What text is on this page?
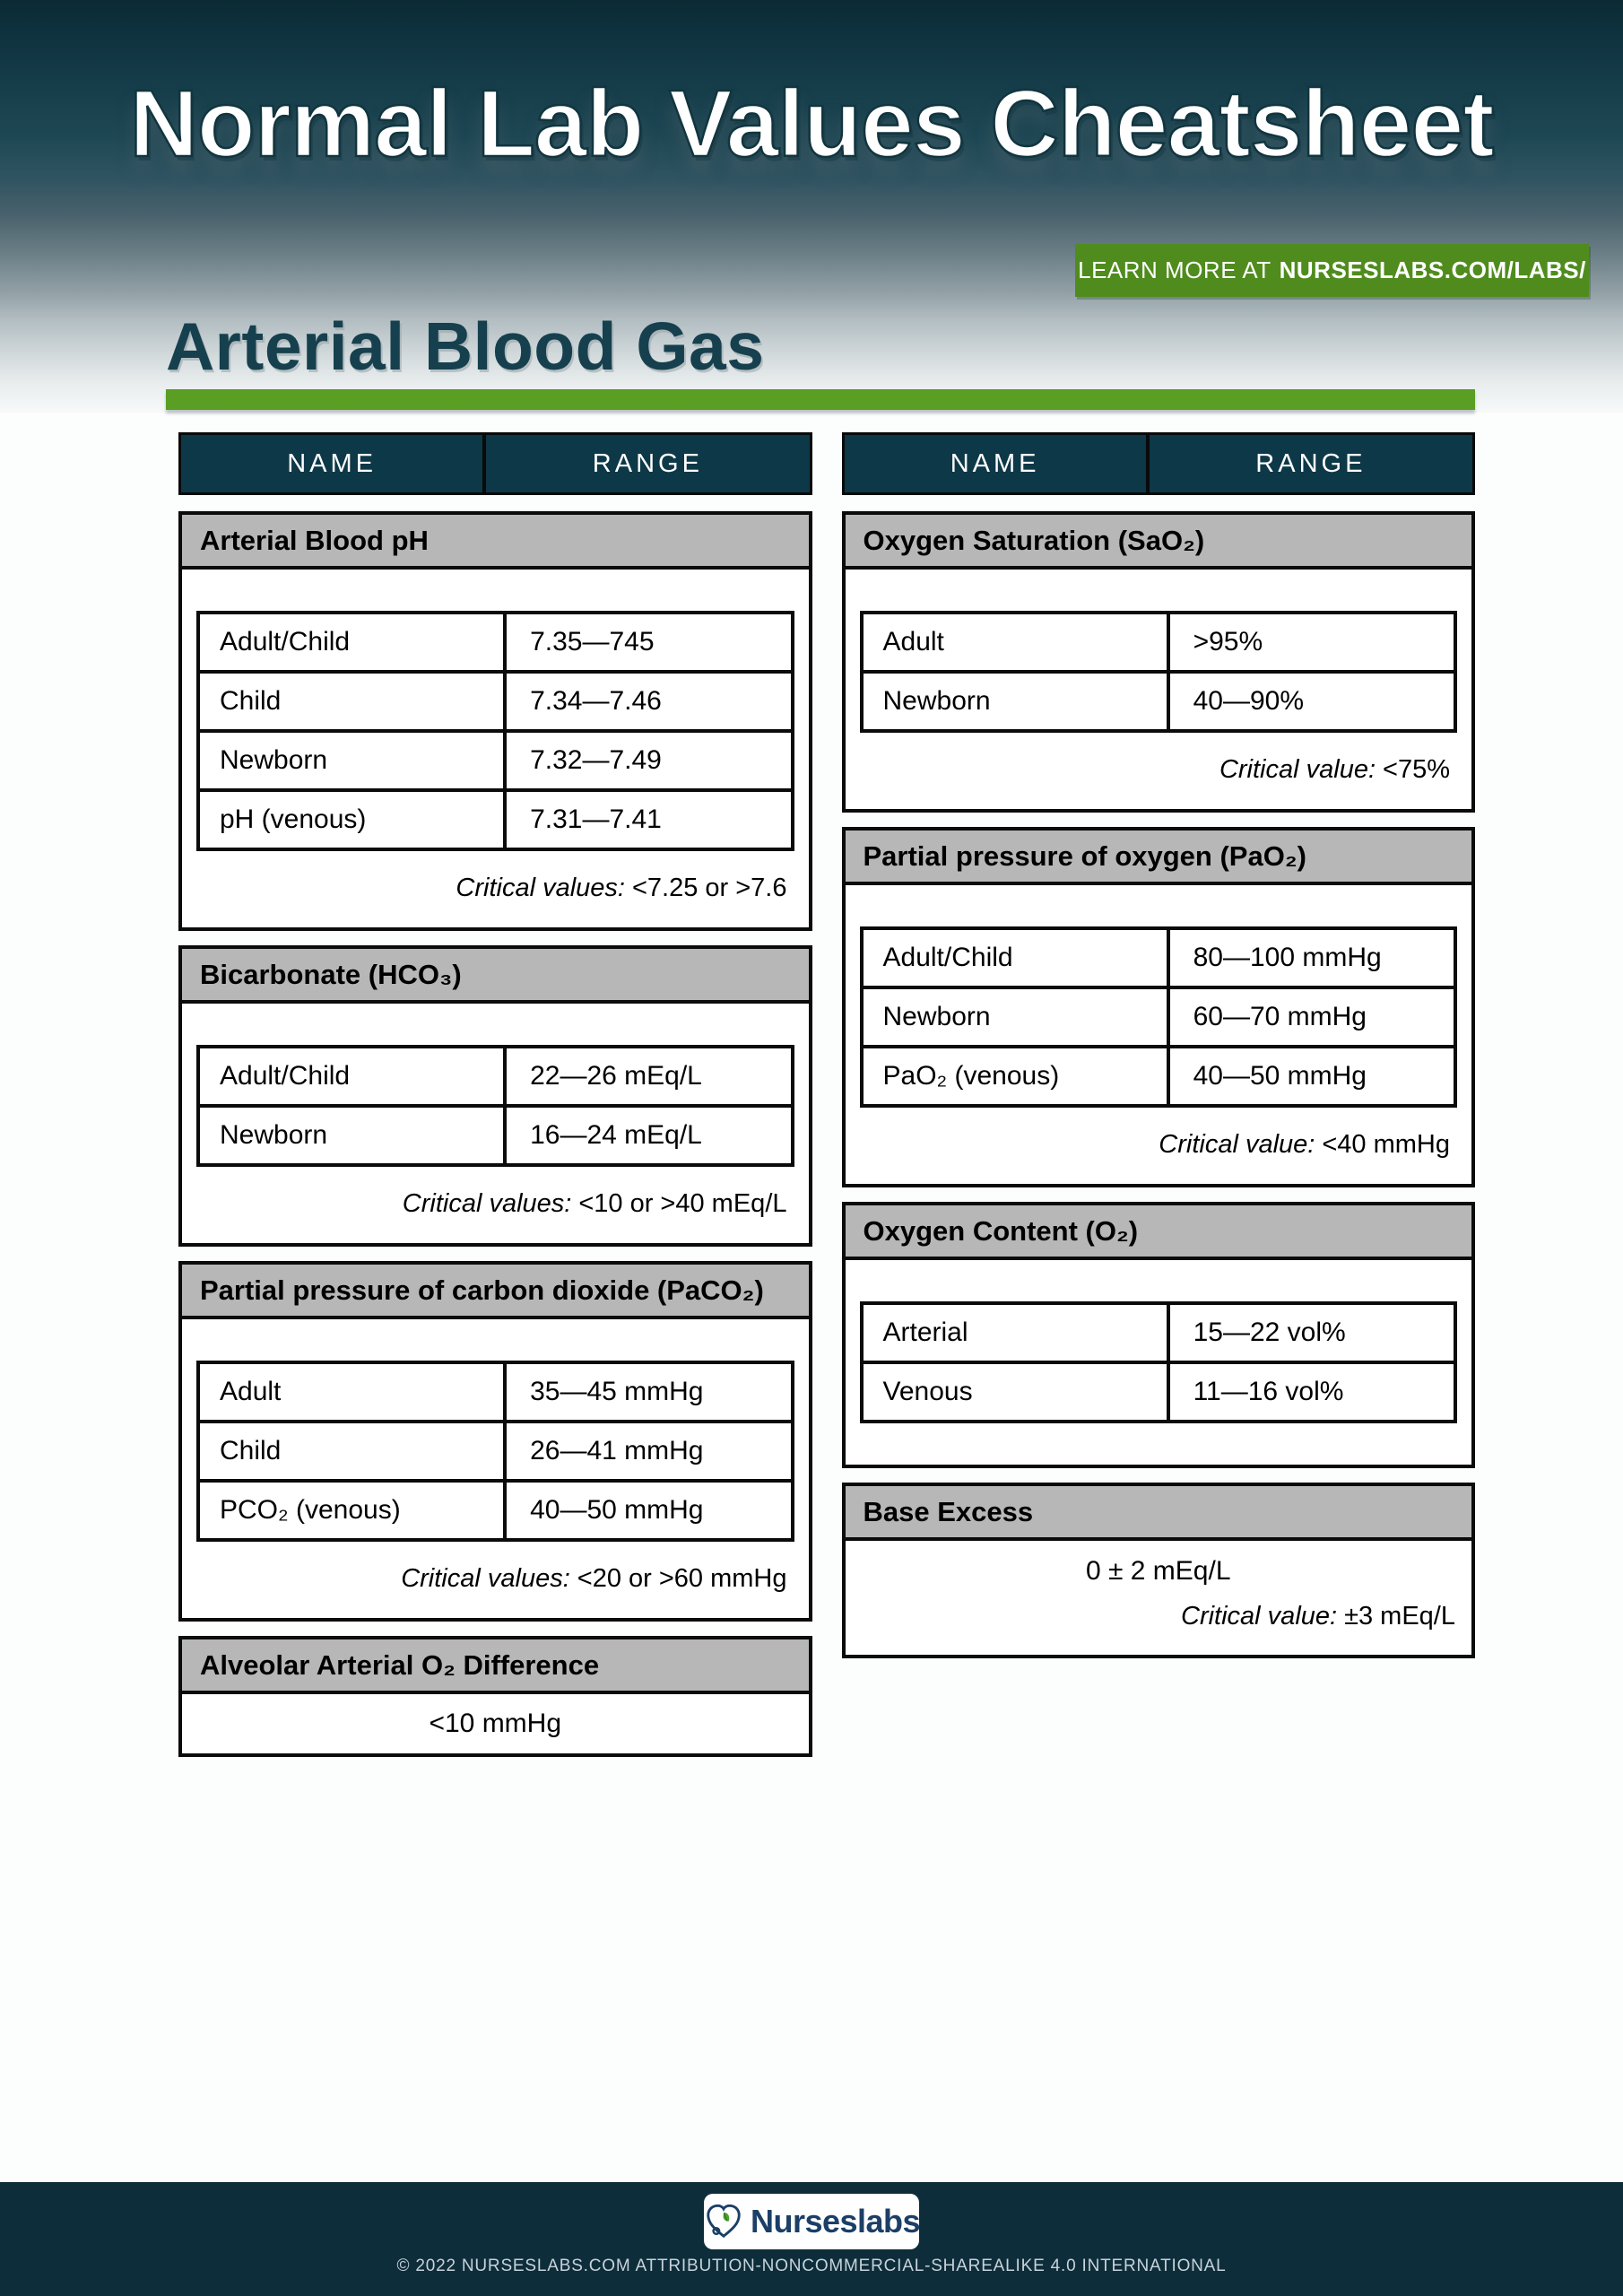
Normal Lab Values Cheatsheet
LEARN MORE AT NURSESLABS.COM/LABS/
Arterial Blood Gas
NAME	RANGE
Arterial Blood pH
Adult/Child	7.35—745
Child	7.34—7.46
Newborn	7.32—7.49
pH (venous)	7.31—7.41
Critical values: <7.25 or >7.6
Bicarbonate (HCO₃)
Adult/Child	22—26 mEq/L
Newborn	16—24 mEq/L
Critical values: <10 or >40 mEq/L
Partial pressure of carbon dioxide (PaCO₂)
Adult	35—45 mmHg
Child	26—41 mmHg
PCO₂ (venous)	40—50 mmHg
Critical values: <20 or >60 mmHg
Alveolar Arterial O₂ Difference
<10 mmHg
NAME	RANGE
Oxygen Saturation (SaO₂)
Adult	>95%
Newborn	40—90%
Critical value: <75%
Partial pressure of oxygen (PaO₂)
Adult/Child	80—100 mmHg
Newborn	60—70 mmHg
PaO₂ (venous)	40—50 mmHg
Critical value: <40 mmHg
Oxygen Content (O₂)
Arterial	15—22 vol%
Venous	11—16 vol%
Base Excess
0 ± 2 mEq/L
Critical value: ±3 mEq/L
Nurseslabs
© 2022 NURSESLABS.COM ATTRIBUTION-NONCOMMERCIAL-SHAREALIKE 4.0 INTERNATIONAL
